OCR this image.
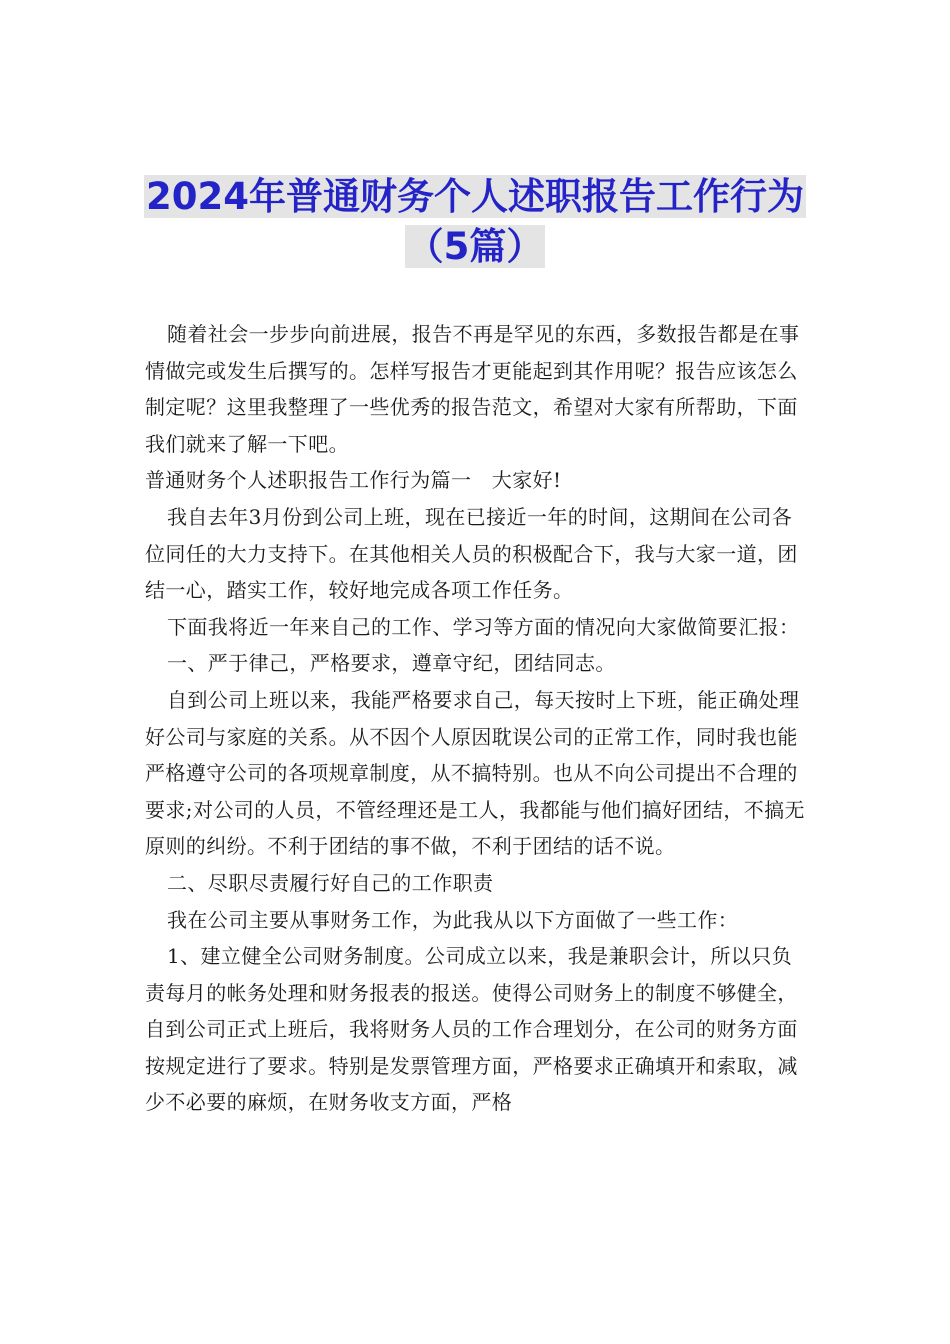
2024年普通财务个人述职报告工作行为
（5篇）

随着社会一步步向前进展，报告不再是罕见的东西，多数报告都是在事情做完或发生后撰写的。怎样写报告才更能起到其作用呢？报告应该怎么制定呢？这里我整理了一些优秀的报告范文，希望对大家有所帮助，下面我们就来了解一下吧。

普通财务个人述职报告工作行为篇一　大家好!

我自去年3月份到公司上班，现在已接近一年的时间，这期间在公司各位同任的大力支持下。在其他相关人员的积极配合下，我与大家一道，团结一心，踏实工作，较好地完成各项工作任务。

下面我将近一年来自己的工作、学习等方面的情况向大家做简要汇报：

一、严于律己，严格要求，遵章守纪，团结同志。

自到公司上班以来，我能严格要求自己，每天按时上下班，能正确处理好公司与家庭的关系。从不因个人原因耽误公司的正常工作，同时我也能严格遵守公司的各项规章制度，从不搞特别。也从不向公司提出不合理的要求;对公司的人员，不管经理还是工人，我都能与他们搞好团结，不搞无原则的纠纷。不利于团结的事不做，不利于团结的话不说。

二、尽职尽责履行好自己的工作职责

我在公司主要从事财务工作，为此我从以下方面做了一些工作：

1、建立健全公司财务制度。公司成立以来，我是兼职会计，所以只负责每月的帐务处理和财务报表的报送。使得公司财务上的制度不够健全，自到公司正式上班后，我将财务人员的工作合理划分，在公司的财务方面按规定进行了要求。特别是发票管理方面，严格要求正确填开和索取，减少不必要的麻烦，在财务收支方面，严格
